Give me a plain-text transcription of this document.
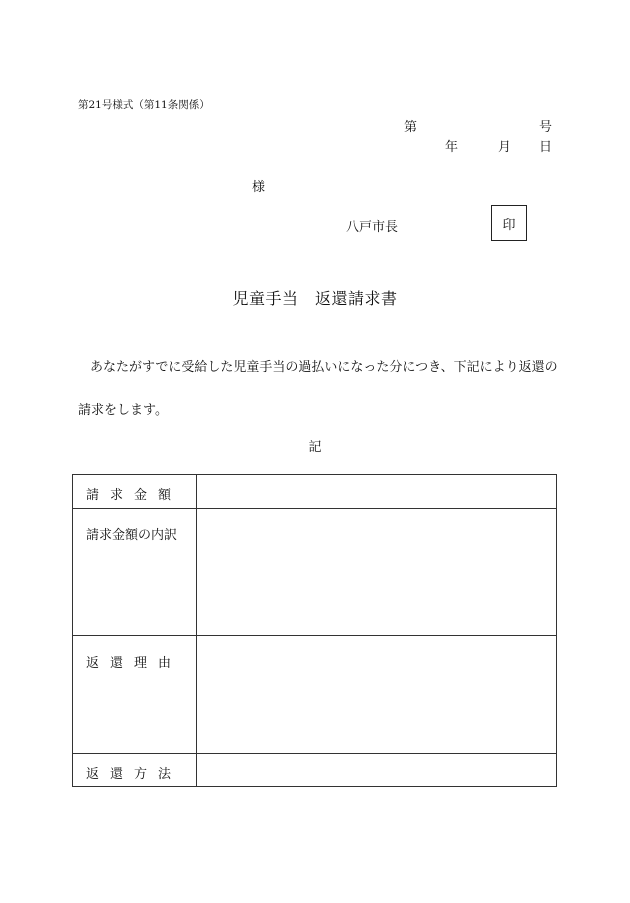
第21号様式（第11条関係）
第	号
年	月 日
様
八戸市長	印
児童手当　返還請求書
あなたがすでに受給した児童手当の過払いになった分につき、下記により返還の
請求をします。
記
請求金額	
請求金額の内訳	
返還理由	
返還方法	
